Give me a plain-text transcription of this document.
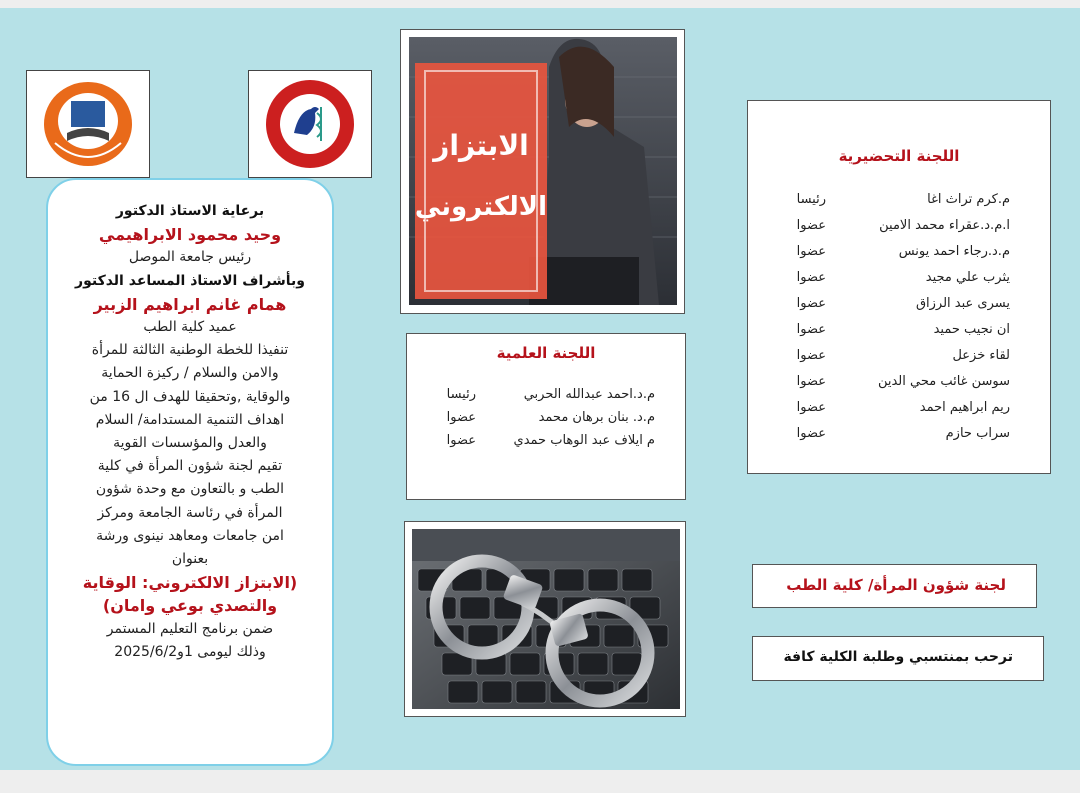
برعاية الاستاذ الدكتور
وحيد محمود الابراهيمي
رئيس جامعة الموصل
وبأشراف الاستاذ المساعد الدكتور
همام غانم ابراهيم الزبير
عميد كلية الطب
تنفيذا للخطة الوطنية الثالثة للمرأة
والامن والسلام / ركيزة الحماية
والوقاية ,وتحقيقا للهدف ال 16 من
اهداف التنمية المستدامة/ السلام
والعدل والمؤسسات القوية
تقيم لجنة شؤون المرأة في كلية
الطب و بالتعاون مع وحدة شؤون
المرأة في رئاسة الجامعة ومركز
امن جامعات ومعاهد نينوى ورشة
بعنوان
(الابتزاز الالكتروني: الوقاية
والتصدي بوعي وامان)
ضمن برنامج التعليم المستمر
وذلك ليومى 1و2025/6/2
الابتزاز
الالكتروني
اللجنة العلمية
م.د.احمد عبدالله الحربي
رئيسا
م.د. بنان برهان محمد
عضوا
م ايلاف عبد الوهاب حمدي
عضوا
اللجنة التحضيرية
م.كرم تراث اغا
رئيسا
ا.م.د.عقراء محمد الامين
عضوا
م.د.رجاء احمد يونس
عضوا
يثرب علي مجيد
عضوا
يسرى عبد الرزاق
عضوا
ان نجيب حميد
عضوا
لقاء خزعل
عضوا
سوسن غائب محي الدين
عضوا
ريم ابراهيم احمد
عضوا
سراب حازم
عضوا
لجنة شؤون المرأة/ كلية الطب
ترحب بمنتسبي وطلبة الكلية كافة
